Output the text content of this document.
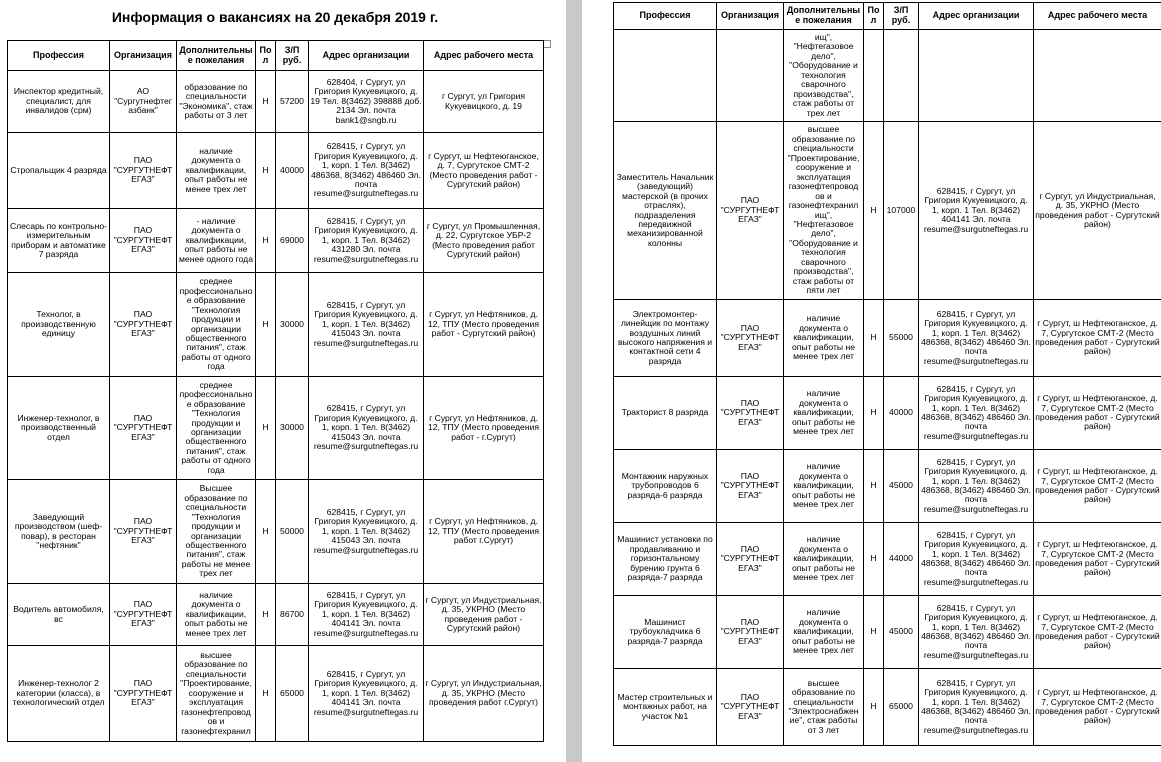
Информация о вакансиях на 20 декабря 2019 г.
Профессия	Организация	Дополнительные пожелания	Пол	З/П руб.	Адрес организации	Адрес рабочего места
Инспектор кредитный, специалист, для инвалидов (срм)	АО "Сургутнефтег азбанк"	образование по специальности "Экономика", стаж работы от 3 лет	Н	57200	628404, г Сургут, ул Григория Кукуевицкого, д. 19 Тел. 8(3462) 398888 доб. 2134 Эл. почта bank1@sngb.ru	г Сургут, ул Григория Кукуевицкого, д. 19
Стропальщик 4 разряда	ПАО "СУРГУТНЕФТ ЕГАЗ"	наличие документа о квалификации, опыт работы не менее трех лет	Н	40000	628415, г Сургут, ул Григория Кукуевицкого, д. 1, корп. 1 Тел. 8(3462) 486368, 8(3462) 486460 Эл. почта resume@surgutneftegas.ru	г Сургут, ш Нефтеюганское, д. 7, Сургутское СМТ-2 (Место проведения работ - Сургутский район)
Слесарь по контрольно-измерительным приборам и автоматике 7 разряда	ПАО "СУРГУТНЕФТ ЕГАЗ"	- наличие документа о квалификации, опыт работы не менее одного года	Н	69000	628415, г Сургут, ул Григория Кукуевицкого, д. 1, корп. 1 Тел. 8(3462) 431280 Эл. почта resume@surgutneftegas.ru	г Сургут, ул Промышленная, д. 22, Сургутское УБР-2 (Место проведения работ Сургутский район)
Технолог, в производственную единицу	ПАО "СУРГУТНЕФТ ЕГАЗ"	среднее профессионально е образование "Технология продукции и организации общественного питания", стаж работы от одного года	Н	30000	628415, г Сургут, ул Григория Кукуевицкого, д. 1, корп. 1 Тел. 8(3462) 415043 Эл. почта resume@surgutneftegas.ru	г Сургут, ул Нефтяников, д. 12, ТПУ (Место проведения работ - Сургутский район)
Инженер-технолог, в производственный отдел	ПАО "СУРГУТНЕФТ ЕГАЗ"	среднее профессионально е образование "Технология продукции и организации общественного питания", стаж работы от одного года	Н	30000	628415, г Сургут, ул Григория Кукуевицкого, д. 1, корп. 1 Тел. 8(3462) 415043 Эл. почта resume@surgutneftegas.ru	г Сургут, ул Нефтяников, д. 12, ТПУ (Место проведения работ - г.Сургут)
Заведующий производством (шеф-повар), в ресторан "нефтяник"	ПАО "СУРГУТНЕФТ ЕГАЗ"	Высшее образование по специальности "Технология продукции и организации общественного питания", стаж работы не менее трех лет	Н	50000	628415, г Сургут, ул Григория Кукуевицкого, д. 1, корп. 1 Тел. 8(3462) 415043 Эл. почта resume@surgutneftegas.ru	г Сургут, ул Нефтяников, д. 12, ТПУ (Место проведения работ г.Сургут)
Водитель автомобиля, вс	ПАО "СУРГУТНЕФТ ЕГАЗ"	наличие документа о квалификации, опыт работы не менее трех лет	Н	86700	628415, г Сургут, ул Григория Кукуевицкого, д. 1, корп. 1 Тел. 8(3462) 404141 Эл. почта resume@surgutneftegas.ru	г Сургут, ул Индустриальная, д. 35, УКРНО (Место проведения работ - Сургутский район)
Инженер-технолог 2 категории (класса), в технологический отдел	ПАО "СУРГУТНЕФТ ЕГАЗ"	высшее образование по специальности "Проектирование, сооружение и эксплуатация газонефтепровод ов и газонефтехранил	Н	65000	628415, г Сургут, ул Григория Кукуевицкого, д. 1, корп. 1 Тел. 8(3462) 404141 Эл. почта resume@surgutneftegas.ru	г Сургут, ул Индустриальная, д. 35, УКРНО (Место проведения работ г.Сургут)
Профессия	Организация	Дополнительные пожелания	Пол	З/П руб.	Адрес организации	Адрес рабочего места
		ищ", "Нефтегазовое дело", "Оборудование и технология сварочного производства", стаж работы от трех лет				
Заместитель Начальник (заведующий) мастерской (в прочих отраслях), подразделения передвижной механизированной колонны	ПАО "СУРГУТНЕФТ ЕГАЗ"	высшее образование по специальности "Проектирование, сооружение и эксплуатация газонефтепровод ов и газонефтехранил ищ", "Нефтегазовое дело", "Оборудование и технология сварочного производства", стаж работы от пяти лет	Н	107000	628415, г Сургут, ул Григория Кукуевицкого, д. 1, корп. 1 Тел. 8(3462) 404141 Эл. почта resume@surgutneftegas.ru	г Сургут, ул Индустриальная, д. 35, УКРНО (Место проведения работ - Сургутский район)
Электромонтер-линейщик по монтажу воздушных линий высокого напряжения и контактной сети 4 разряда	ПАО "СУРГУТНЕФТ ЕГАЗ"	наличие документа о квалификации, опыт работы не менее трех лет	Н	55000	628415, г Сургут, ул Григория Кукуевицкого, д. 1, корп. 1 Тел. 8(3462) 486368, 8(3462) 486460 Эл. почта resume@surgutneftegas.ru	г Сургут, ш Нефтеюганское, д. 7, Сургутское СМТ-2 (Место проведения работ - Сургутский район)
Тракторист 8 разряда	ПАО "СУРГУТНЕФТ ЕГАЗ"	наличие документа о квалификации, опыт работы не менее трех лет	Н	40000	628415, г Сургут, ул Григория Кукуевицкого, д. 1, корп. 1 Тел. 8(3462) 486368, 8(3462) 486460 Эл. почта resume@surgutneftegas.ru	г Сургут, ш Нефтеюганское, д. 7, Сургутское СМТ-2 (Место проведения работ - Сургутский район)
Монтажник наружных трубопроводов 6 разряда-6 разряда	ПАО "СУРГУТНЕФТ ЕГАЗ"	наличие документа о квалификации, опыт работы не менее трех лет	Н	45000	628415, г Сургут, ул Григория Кукуевицкого, д. 1, корп. 1 Тел. 8(3462) 486368, 8(3462) 486460 Эл. почта resume@surgutneftegas.ru	г Сургут, ш Нефтеюганское, д. 7, Сургутское СМТ-2 (Место проведения работ - Сургутский район)
Машинист установки по продавливанию и горизонтальному бурению грунта 6 разряда-7 разряда	ПАО "СУРГУТНЕФТ ЕГАЗ"	наличие документа о квалификации, опыт работы не менее трех лет	Н	44000	628415, г Сургут, ул Григория Кукуевицкого, д. 1, корп. 1 Тел. 8(3462) 486368, 8(3462) 486460 Эл. почта resume@surgutneftegas.ru	г Сургут, ш Нефтеюганское, д. 7, Сургутское СМТ-2 (Место проведения работ - Сургутский район)
Машинист трубоукладчика 6 разряда-7 разряда	ПАО "СУРГУТНЕФТ ЕГАЗ"	наличие документа о квалификации, опыт работы не менее трех лет	Н	45000	628415, г Сургут, ул Григория Кукуевицкого, д. 1, корп. 1 Тел. 8(3462) 486368, 8(3462) 486460 Эл. почта resume@surgutneftegas.ru	г Сургут, ш Нефтеюганское, д. 7, Сургутское СМТ-2 (Место проведения работ - Сургутский район)
Мастер строительных и монтажных работ, на участок №1	ПАО "СУРГУТНЕФТ ЕГАЗ"	высшее образование по специальности "Электроснабжен ие", стаж работы от 3 лет	Н	65000	628415, г Сургут, ул Григория Кукуевицкого, д. 1, корп. 1 Тел. 8(3462) 486368, 8(3462) 486460 Эл. почта resume@surgutneftegas.ru	г Сургут, ш Нефтеюганское, д. 7, Сургутское СМТ-2 (Место проведения работ - Сургутский район)
